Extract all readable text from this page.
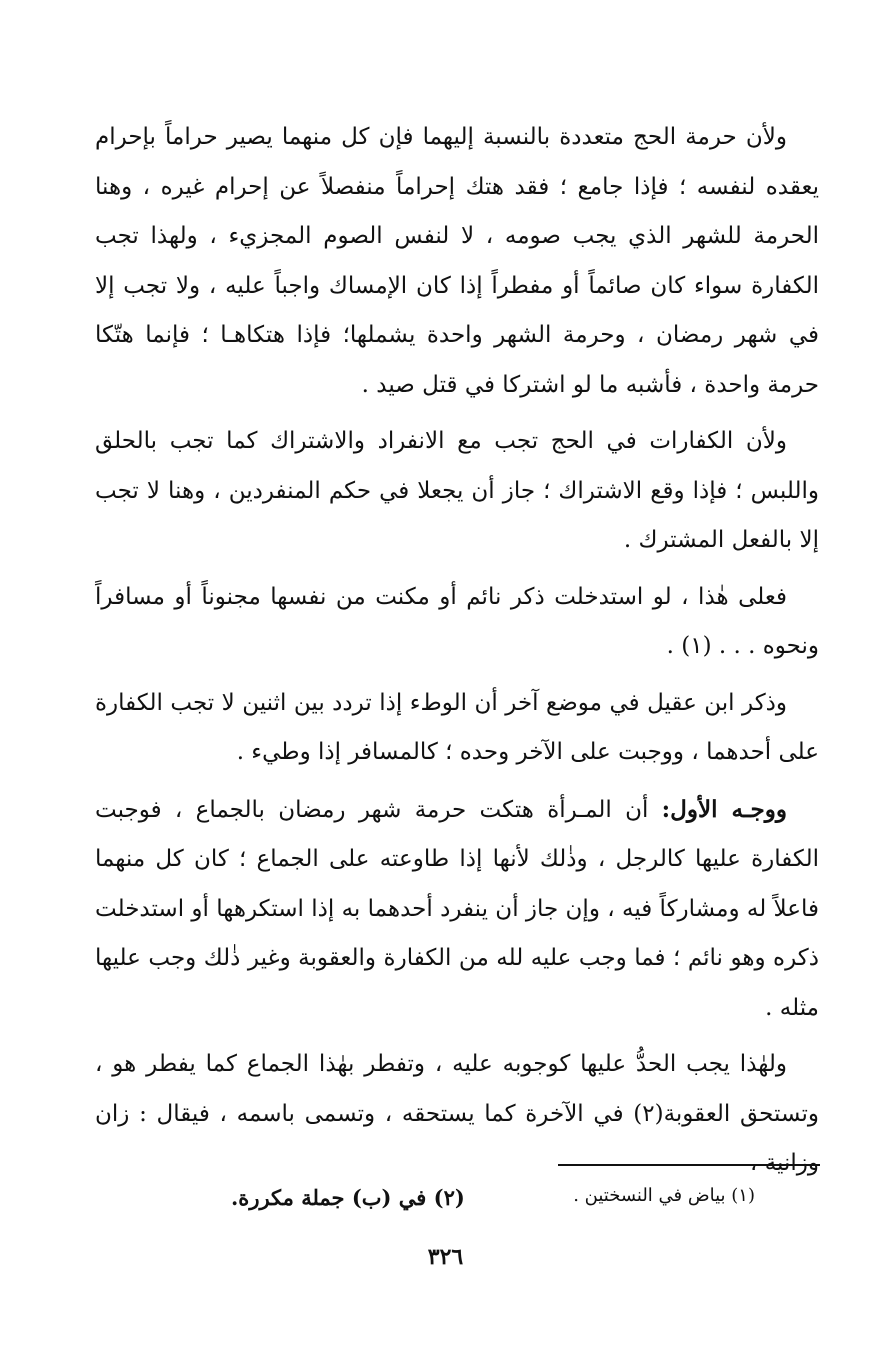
ولأن حرمة الحج متعددة بالنسبة إليهما فإن كل منهما يصير حراماً بإحرام يعقده لنفسه ؛ فإذا جامع ؛ فقد هتك إحراماً منفصلاً عن إحرام غيره ، وهنا الحرمة للشهر الذي يجب صومه ، لا لنفس الصوم المجزيء ، ولهذا تجب الكفارة سواء كان صائماً أو مفطراً إذا كان الإمساك واجباً عليه ، ولا تجب إلا في شهر رمضان ، وحرمة الشهر واحدة يشملها؛ فإذا هتكاهـا ؛ فإنما هتّكا حرمة واحدة ، فأشبه ما لو اشتركا في قتل صيد .

ولأن الكفارات في الحج تجب مع الانفراد والاشتراك كما تجب بالحلق واللبس ؛ فإذا وقع الاشتراك ؛ جاز أن يجعلا في حكم المنفردين ، وهنا لا تجب إلا بالفعل المشترك .

فعلى هٰذا ، لو استدخلت ذكر نائم أو مكنت من نفسها مجنوناً أو مسافراً ونحوه . . . (١) .

وذكر ابن عقيل في موضع آخر أن الوطء إذا تردد بين اثنين لا تجب الكفارة على أحدهما ، ووجبت على الآخر وحده ؛ كالمسافر إذا وطيء .

ووجـه الأول: أن المـرأة هتكت حرمة شهر رمضان بالجماع ، فوجبت الكفارة عليها كالرجل ، وذٰلك لأنها إذا طاوعته على الجماع ؛ كان كل منهما فاعلاً له ومشاركاً فيه ، وإن جاز أن ينفرد أحدهما به إذا استكرهها أو استدخلت ذكره وهو نائم ؛ فما وجب عليه لله من الكفارة والعقوبة وغير ذٰلك وجب عليها مثله .

ولهٰذا يجب الحدُّ عليها كوجوبه عليه ، وتفطر بهٰذا الجماع كما يفطر هو ، وتستحق العقوبة(٢) في الآخرة كما يستحقه ، وتسمى باسمه ، فيقال : زان وزانية ،

(١) بياض في النسختين .
(٢) في (ب) جملة مكررة.
٣٢٦
